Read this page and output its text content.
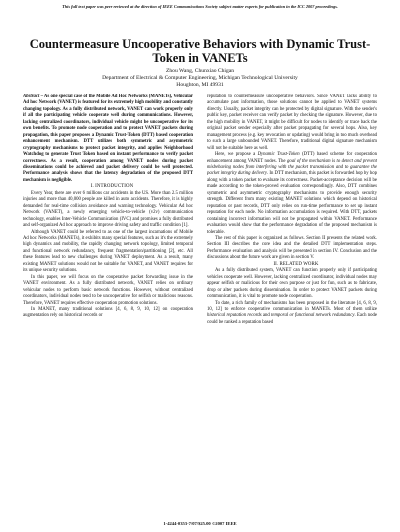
This full text paper was peer reviewed at the direction of IEEE Communications Society subject matter experts for publication in the ICC 2007 proceedings.
Countermeasure Uncooperative Behaviors with Dynamic Trust-Token in VANETs
Zhou Wang, Chunxiao Chigan
Department of Electrical & Computer Engineering, Michigan Technological University
Houghton, MI 49931

Abstract – As one special case of the Mobile Ad Hoc Networks (MANETs), Vehicular Ad hoc Network (VANET) is featured for its extremely high mobility and constantly changing topology. As a fully distributed network, VANET can work properly only if all the participating vehicle cooperate well during communications. However, lacking centralized coordinators, individual vehicle might be uncooperative for its own benefits. To promote node cooperation and to protect VANET packets during propagation, this paper proposes a Dynamic Trust-Token (DTT) based cooperation enhancement mechanism. DTT utilizes both symmetric and asymmetric cryptography mechanisms to protect packet integrity, and applies Neighborhood Watchdog to generate Trust Token based on instant performance to verify packet correctness. As a result, cooperation among VANET nodes during packet disseminations could be achieved and packet delivery could be well protected. Performance analysis shows that the latency degradation of the proposed DTT mechanism is negligible.

I. INTRODUCTION

Every Year, there are over 6 millions car accidents in the US. More than 2.5 million injuries and more than 40,000 people are killed in auto accidents. Therefore, it is highly demanded for real-time collision avoidance and warning technology. Vehicular Ad hoc Network (VANET), a newly emerging vehicle-to-vehicle (v2v) communication technology, enables Inter-Vehicle Communication (IVC) and promises a fully distributed and self-organized Ad hoc approach to improve driving safety and traffic condition [1].

Although VANET could be referred to as one of the largest incarnations of Mobile Ad hoc Networks (MANETs), it exhibits many special features, such as it's the extremely high dynamics and mobility, the rapidly changing network topology, limited temporal and functional network redundancy, frequent fragmentation/partitioning [2], etc. All these features lead to new challenges during VANET deployment. As a result, many existing MANET solutions would not be suitable for VANET, and VANET requires for its unique security solutions.

In this paper, we will focus on the cooperative packet forwarding issue in the VANET environment. As a fully distributed network, VANET relies on ordinary vehicular nodes to perform basic network functions. However, without centralized coordinators, individual nodes tend to be uncooperative for selfish or malicious reasons. Therefore, VANET requires effective cooperation promotion solutions.

In MANET, many traditional solutions [4, 6, 8, 9, 10, 12] on cooperation augmentation rely on historical records or

reputation to countermeasure uncooperative behaviors. Since VANET lacks ability to accumulate past information, those solutions cannot be applied to VANET systems directly. Usually, packet integrity can be protected by digital signature. With the sender's public key, packet receiver can verify packet by checking the signature. However, due to the high mobility in VANET, it might be difficult for nodes to identify or trace back the original packet sender especially after packet propagating for several hops. Also, key management process (e.g. key revocation or updating) would bring in too much overhead to such a large unbounded VANET. Therefore, traditional digital signature mechanism will not be suitable here as well.

Here, we propose a Dynamic Trust-Token (DTT) based scheme for cooperation enhancement among VANET nodes. The goal of the mechanism is to detect and prevent misbehaving nodes from interfering with the packet transmission and to guarantee the packet integrity during delivery. In DTT mechanism, this packet is forwarded hop by hop along with a token packet to evaluate its correctness. Packet-acceptance decision will be made according to the token-proved evaluation correspondingly. Also, DTT combines symmetric and asymmetric cryptography mechanisms to provide enough security strength. Different from many existing MANET solutions which depend on historical reputation or past records, DTT only relies on run-time performance to set up instant reputation for each node. No information accumulation is required. With DTT, packets containing incorrect information will not be propagated within VANET. Performance evaluation would show that the performance degradation of the proposed mechanism is tolerable.

The rest of this paper is organized as follows. Section II presents the related work. Section III describes the core idea and the detailed DTT implementation steps. Performance evaluation and analysis will be presented in section IV. Conclusion and the discussions about the future work are given in section V.

II. RELATED WORK

As a fully distributed system, VANET can function properly only if participating vehicles cooperate well. However, lacking centralized coordinator, individual nodes may appear selfish or malicious for their own purpose or just for fun, such as to fabricate, drop or alter packets during dissemination. In order to protect VANET packets during communication, it is vital to promote node cooperation.

To date, a rich family of mechanisms has been proposed in the literature [4, 6, 8, 9, 10, 12] to enforce cooperative communication in MANETs. Most of them utilize historical reputation records and temporal or functional network redundancy. Each node could be ranked a reputation based

1-4244-0353-7/07/$25.00 ©2007 IEEE
